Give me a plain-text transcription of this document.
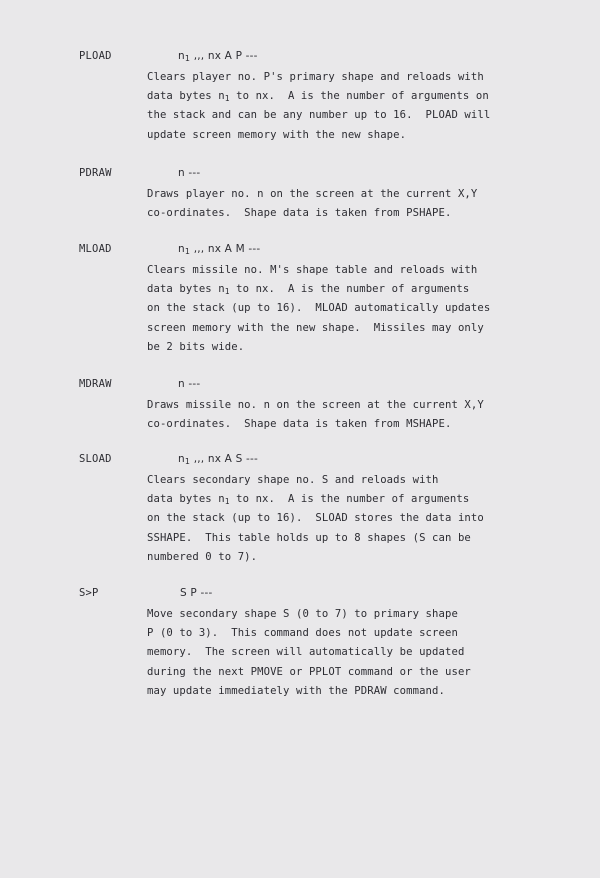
PLOAD	$n_1$ ,,, nx A P ---
Clears player no. P's primary shape and reloads with
data bytes $n_1$ to nx.  A is the number of arguments on
the stack and can be any number up to 16.  PLOAD will
update screen memory with the new shape.
PDRAW	n ---
Draws player no. n on the screen at the current X,Y
co-ordinates.  Shape data is taken from PSHAPE.
MLOAD	$n_1$ ,,, nx A M ---
Clears missile no. M's shape table and reloads with
data bytes $n_1$ to nx.  A is the number of arguments
on the stack (up to 16).  MLOAD automatically updates
screen memory with the new shape.  Missiles may only
be 2 bits wide.
MDRAW	n ---
Draws missile no. n on the screen at the current X,Y
co-ordinates.  Shape data is taken from MSHAPE.
SLOAD	$n_1$ ,,, nx A S ---
Clears secondary shape no. S and reloads with
data bytes $n_1$ to nx.  A is the number of arguments
on the stack (up to 16).  SLOAD stores the data into
SSHAPE.  This table holds up to 8 shapes (S can be
numbered 0 to 7).
S>P	S P ---
Move secondary shape S (0 to 7) to primary shape
P (0 to 3).  This command does not update screen
memory.  The screen will automatically be updated
during the next PMOVE or PPLOT command or the user
may update immediately with the PDRAW command.
